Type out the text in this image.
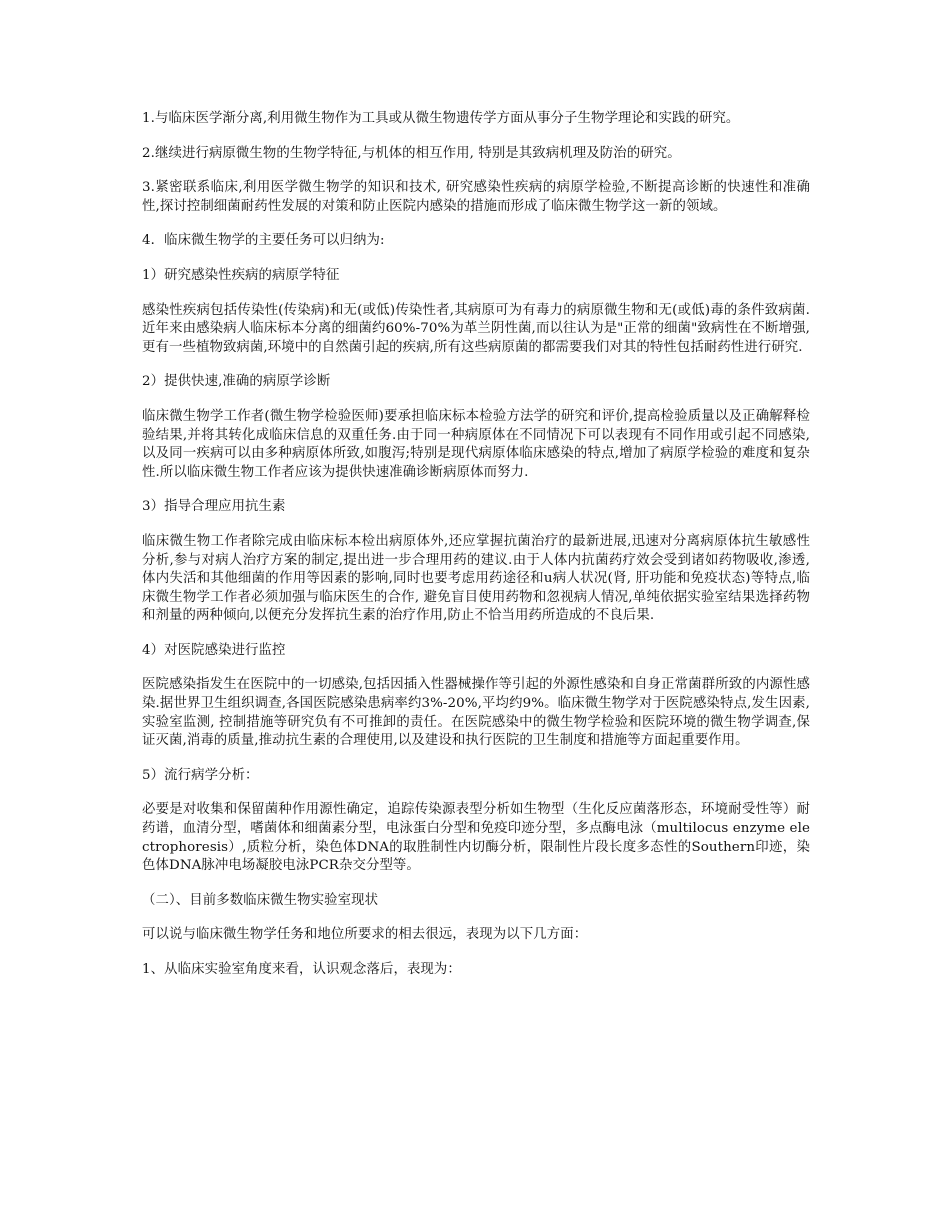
1.与临床医学渐分离,利用微生物作为工具或从微生物遗传学方面从事分子生物学理论和实践的研究。

2.继续进行病原微生物的生物学特征,与机体的相互作用, 特别是其致病机理及防治的研究。

3.紧密联系临床,利用医学微生物学的知识和技术, 研究感染性疾病的病原学检验,不断提高诊断的快速性和准确性,探讨控制细菌耐药性发展的对策和防止医院内感染的措施而形成了临床微生物学这一新的领域。

4．临床微生物学的主要任务可以归纳为:

1）研究感染性疾病的病原学特征

感染性疾病包括传染性(传染病)和无(或低)传染性者,其病原可为有毒力的病原微生物和无(或低)毒的条件致病菌. 近年来由感染病人临床标本分离的细菌约60%-70%为革兰阴性菌,而以往认为是"正常的细菌"致病性在不断增强,更有一些植物致病菌,环境中的自然菌引起的疾病,所有这些病原菌的都需要我们对其的特性包括耐药性进行研究.

2）提供快速,准确的病原学诊断

临床微生物学工作者(微生物学检验医师)要承担临床标本检验方法学的研究和评价,提高检验质量以及正确解释检验结果,并将其转化成临床信息的双重任务.由于同一种病原体在不同情况下可以表现有不同作用或引起不同感染,以及同一疾病可以由多种病原体所致,如腹泻;特别是现代病原体临床感染的特点,增加了病原学检验的难度和复杂性.所以临床微生物工作者应该为提供快速准确诊断病原体而努力.

3）指导合理应用抗生素

临床微生物工作者除完成由临床标本检出病原体外,还应掌握抗菌治疗的最新进展,迅速对分离病原体抗生敏感性分析,参与对病人治疗方案的制定,提出进一步合理用药的建议.由于人体内抗菌药疗效会受到诸如药物吸收,渗透,体内失活和其他细菌的作用等因素的影响,同时也要考虑用药途径和u病人状况(肾, 肝功能和免疫状态)等特点,临床微生物学工作者必须加强与临床医生的合作, 避免盲目使用药物和忽视病人情况,单纯依据实验室结果选择药物和剂量的两种倾向,以便充分发挥抗生素的治疗作用,防止不恰当用药所造成的不良后果.

4）对医院感染进行监控

医院感染指发生在医院中的一切感染,包括因插入性器械操作等引起的外源性感染和自身正常菌群所致的内源性感染.据世界卫生组织调查,各国医院感染患病率约3%-20%,平均约9%。临床微生物学对于医院感染特点,发生因素,实验室监测, 控制措施等研究负有不可推卸的责任。在医院感染中的微生物学检验和医院环境的微生物学调查,保证灭菌,消毒的质量,推动抗生素的合理使用,以及建设和执行医院的卫生制度和措施等方面起重要作用。

5）流行病学分析：

必要是对收集和保留菌种作用源性确定，追踪传染源表型分析如生物型（生化反应菌落形态，环境耐受性等）耐药谱，血清分型，嗜菌体和细菌素分型，电泳蛋白分型和免疫印迹分型，多点酶电泳（multilocus enzyme electrophoresis）,质粒分析，染色体DNA的取胜制性内切酶分析，限制性片段长度多态性的Southern印迹，染色体DNA脉冲电场凝胶电泳PCR杂交分型等。

（二）、目前多数临床微生物实验室现状

可以说与临床微生物学任务和地位所要求的相去很远，表现为以下几方面：

1、从临床实验室角度来看，认识观念落后，表现为：
